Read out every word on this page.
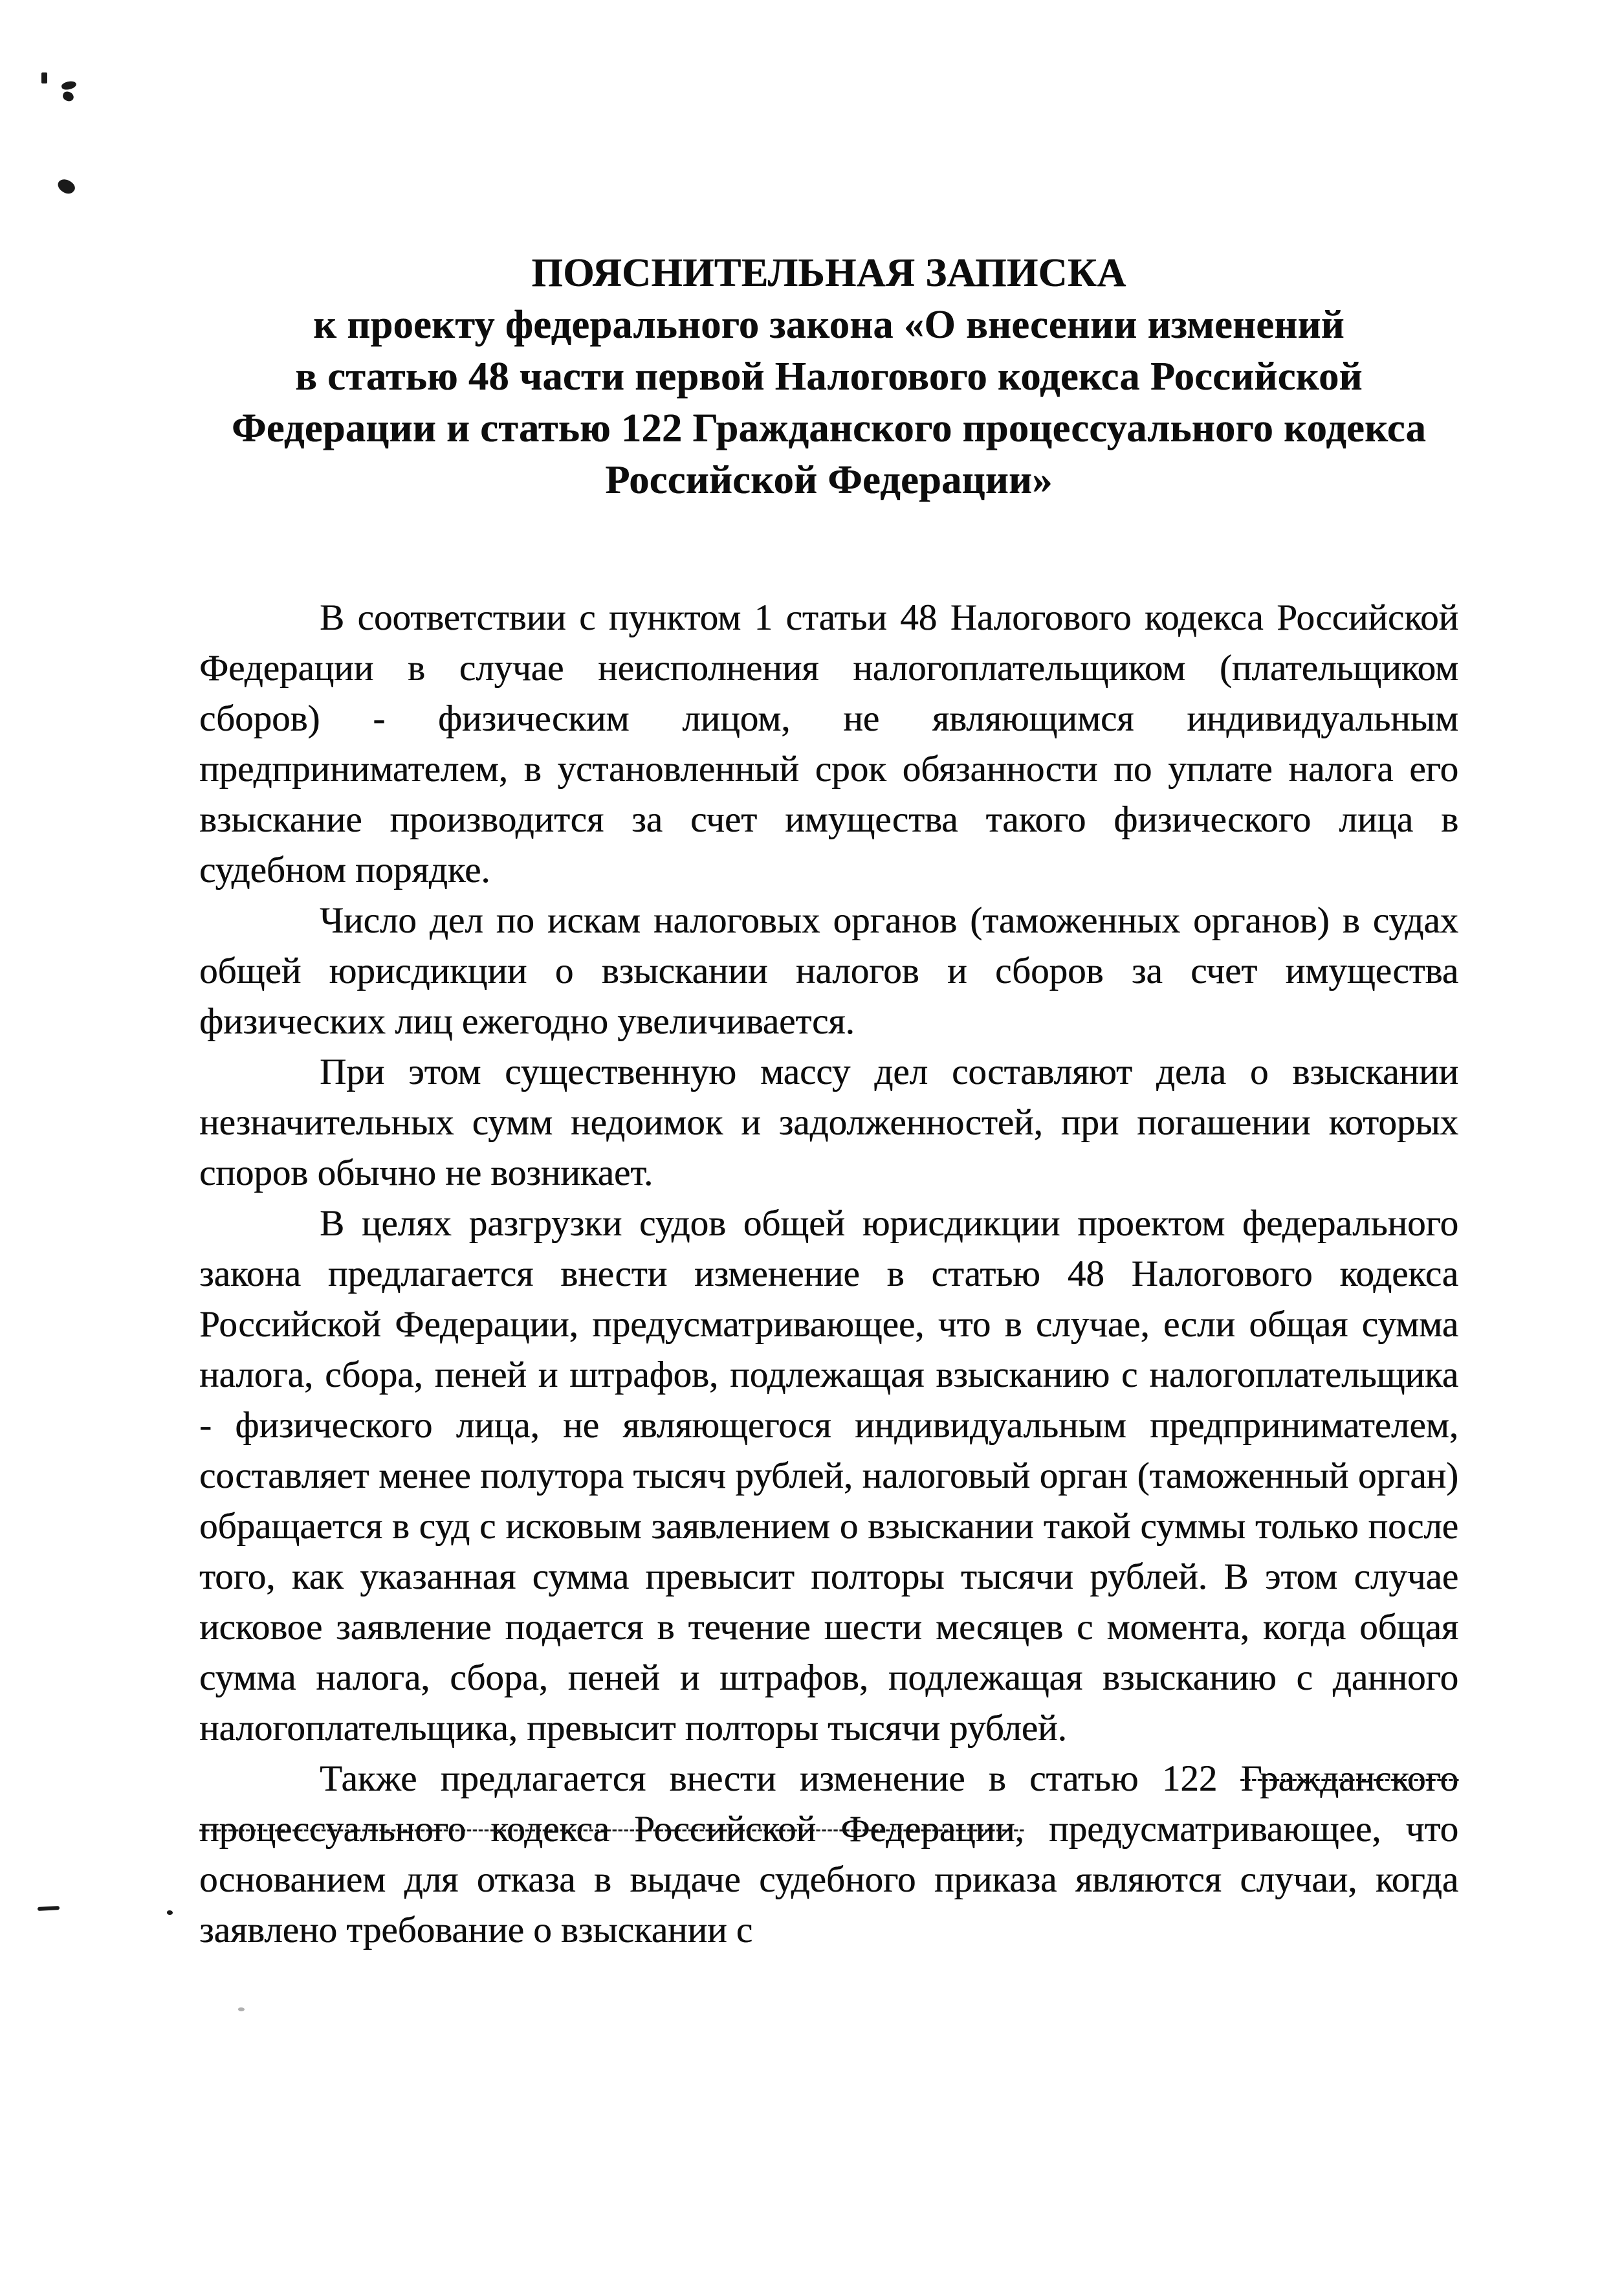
ПОЯСНИТЕЛЬНАЯ ЗАПИСКА
к проекту федерального закона «О внесении изменений
в статью 48 части первой Налогового кодекса Российской
Федерации и статью 122 Гражданского процессуального кодекса
Российской Федерации»

В соответствии с пунктом 1 статьи 48 Налогового кодекса Российской Федерации в случае неисполнения налогоплательщиком (плательщиком сборов) - физическим лицом, не являющимся индивидуальным предпринимателем, в установленный срок обязанности по уплате налога его взыскание производится за счет имущества такого физического лица в судебном порядке.

Число дел по искам налоговых органов (таможенных органов) в судах общей юрисдикции о взыскании налогов и сборов за счет имущества физических лиц ежегодно увеличивается.

При этом существенную массу дел составляют дела о взыскании незначительных сумм недоимок и задолженностей, при погашении которых споров обычно не возникает.

В целях разгрузки судов общей юрисдикции проектом федерального закона предлагается внести изменение в статью 48 Налогового кодекса Российской Федерации, предусматривающее, что в случае, если общая сумма налога, сбора, пеней и штрафов, подлежащая взысканию с налогоплательщика - физического лица, не являющегося индивидуальным предпринимателем, составляет менее полутора тысяч рублей, налоговый орган (таможенный орган) обращается в суд с исковым заявлением о взыскании такой суммы только после того, как указанная сумма превысит полторы тысячи рублей. В этом случае исковое заявление подается в течение шести месяцев с момента, когда общая сумма налога, сбора, пеней и штрафов, подлежащая взысканию с данного налогоплательщика, превысит полторы тысячи рублей.

Также предлагается внести изменение в статью 122 Гражданского процессуального кодекса Российской Федерации, предусматривающее, что основанием для отказа в выдаче судебного приказа являются случаи, когда заявлено требование о взыскании с
